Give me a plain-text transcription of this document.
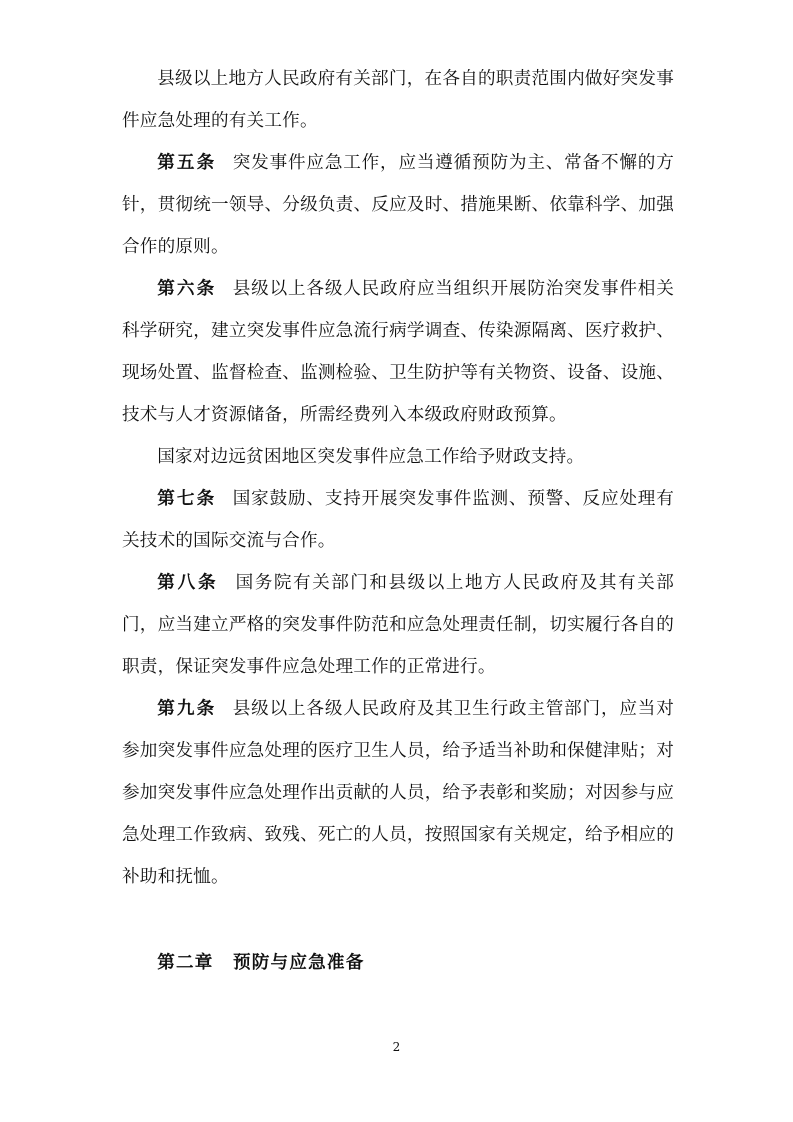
县级以上地方人民政府有关部门，在各自的职责范围内做好突发事件应急处理的有关工作。

第五条 突发事件应急工作，应当遵循预防为主、常备不懈的方针，贯彻统一领导、分级负责、反应及时、措施果断、依靠科学、加强合作的原则。

第六条 县级以上各级人民政府应当组织开展防治突发事件相关科学研究，建立突发事件应急流行病学调查、传染源隔离、医疗救护、现场处置、监督检查、监测检验、卫生防护等有关物资、设备、设施、技术与人才资源储备，所需经费列入本级政府财政预算。

国家对边远贫困地区突发事件应急工作给予财政支持。

第七条 国家鼓励、支持开展突发事件监测、预警、反应处理有关技术的国际交流与合作。

第八条 国务院有关部门和县级以上地方人民政府及其有关部门，应当建立严格的突发事件防范和应急处理责任制，切实履行各自的职责，保证突发事件应急处理工作的正常进行。

第九条 县级以上各级人民政府及其卫生行政主管部门，应当对参加突发事件应急处理的医疗卫生人员，给予适当补助和保健津贴；对参加突发事件应急处理作出贡献的人员，给予表彰和奖励；对因参与应急处理工作致病、致残、死亡的人员，按照国家有关规定，给予相应的补助和抚恤。

第二章 预防与应急准备

2
